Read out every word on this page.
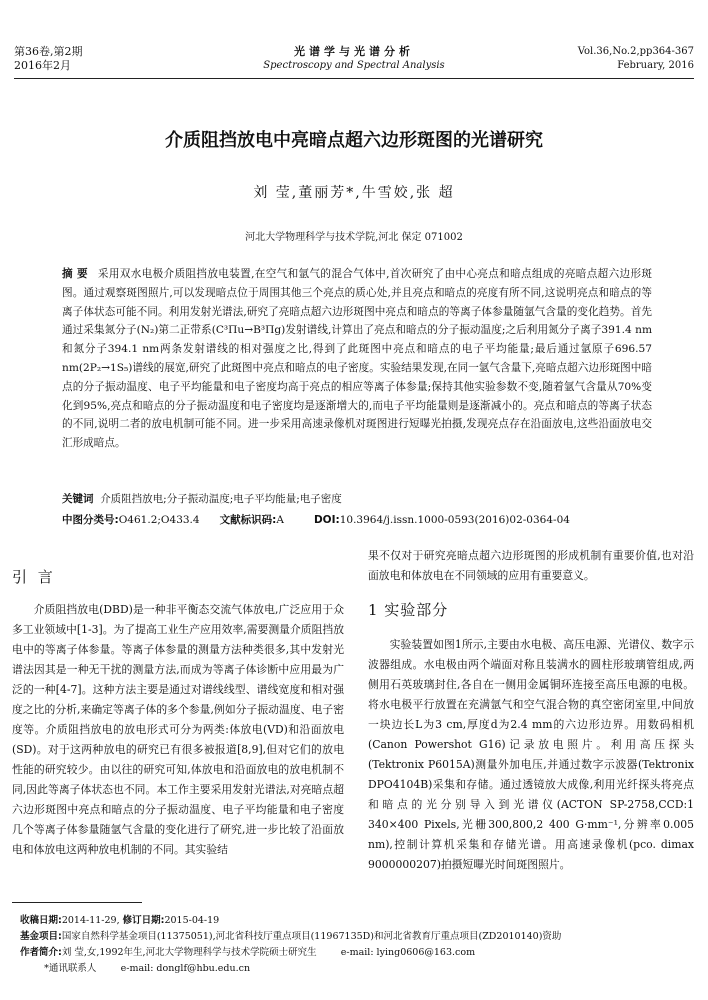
第36卷,第2期
2016年2月
光谱学与光谱分析
Spectroscopy and Spectral Analysis
Vol.36,No.2,pp364-367
February, 2016
介质阻挡放电中亮暗点超六边形斑图的光谱研究
刘 莹,董丽芳*,牛雪姣,张 超
河北大学物理科学与技术学院,河北 保定 071002
摘 要 采用双水电极介质阻挡放电装置,在空气和氩气的混合气体中,首次研究了由中心亮点和暗点组成的亮暗点超六边形斑图。通过观察斑图照片,可以发现暗点位于周围其他三个亮点的质心处,并且亮点和暗点的亮度有所不同,这说明亮点和暗点的等离子体状态可能不同。利用发射光谱法,研究了亮暗点超六边形斑图中亮点和暗点的等离子体参量随氩气含量的变化趋势。首先通过采集氮分子(N₂)第二正带系(C³Πu→B³Πg)发射谱线,计算出了亮点和暗点的分子振动温度;之后利用氮分子离子391.4 nm和氮分子394.1 nm两条发射谱线的相对强度之比,得到了此斑图中亮点和暗点的电子平均能量;最后通过氩原子696.57 nm(2P₂→1S₅)谱线的展宽,研究了此斑图中亮点和暗点的电子密度。实验结果发现,在同一氩气含量下,亮暗点超六边形斑图中暗点的分子振动温度、电子平均能量和电子密度均高于亮点的相应等离子体参量;保持其他实验参数不变,随着氩气含量从70%变化到95%,亮点和暗点的分子振动温度和电子密度均是逐渐增大的,而电子平均能量则是逐渐减小的。亮点和暗点的等离子状态的不同,说明二者的放电机制可能不同。进一步采用高速录像机对斑图进行短曝光拍摄,发现亮点存在沿面放电,这些沿面放电交汇形成暗点。
关键词 介质阻挡放电;分子振动温度;电子平均能量;电子密度
中图分类号:O461.2;O433.4 文献标识码:A	DOI:10.3964/j.issn.1000-0593(2016)02-0364-04
引 言

介质阻挡放电(DBD)是一种非平衡态交流气体放电,广泛应用于众多工业领域中[1-3]。为了提高工业生产应用效率,需要测量介质阻挡放电中的等离子体参量。等离子体参量的测量方法种类很多,其中发射光谱法因其是一种无干扰的测量方法,而成为等离子体诊断中应用最为广泛的一种[4-7]。这种方法主要是通过对谱线线型、谱线宽度和相对强度之比的分析,来确定等离子体的多个参量,例如分子振动温度、电子密度等。介质阻挡放电的放电形式可分为两类:体放电(VD)和沿面放电(SD)。对于这两种放电的研究已有很多被报道[8,9],但对它们的放电性能的研究较少。由以往的研究可知,体放电和沿面放电的放电机制不同,因此等离子体状态也不同。本工作主要采用发射光谱法,对亮暗点超六边形斑图中亮点和暗点的分子振动温度、电子平均能量和电子密度几个等离子体参量随氩气含量的变化进行了研究,进一步比较了沿面放电和体放电这两种放电机制的不同。其实验结

果不仅对于研究亮暗点超六边形斑图的形成机制有重要价值,也对沿面放电和体放电在不同领域的应用有重要意义。
1 实验部分

实验装置如图1所示,主要由水电极、高压电源、光谱仪、数字示波器组成。水电极由两个端面对称且装满水的圆柱形玻璃管组成,两侧用石英玻璃封住,各自在一侧用金属铜环连接至高压电源的电极。将水电极平行放置在充满氩气和空气混合物的真空密闭室里,中间放一块边长L为3 cm,厚度d为2.4 mm的六边形边界。用数码相机(Canon Powershot G16)记录放电照片。利用高压探头(Tektronix P6015A)测量外加电压,并通过数字示波器(Tektronix DPO4104B)采集和存储。通过透镜放大成像,利用光纤探头将亮点和暗点的光分别导入到光谱仪(ACTON SP-2758,CCD:1 340×400 Pixels,光栅300,800,2 400 G·mm⁻¹,分辨率0.005 nm),控制计算机采集和存储光谱。用高速录像机(pco. dimax 9000000207)拍摄短曝光时间斑图照片。

收稿日期:2014-11-29, 修订日期:2015-04-19
基金项目:国家自然科学基金项目(11375051),河北省科技厅重点项目(11967135D)和河北省教育厅重点项目(ZD2010140)资助
作者简介:刘 莹,女,1992年生,河北大学物理科学与技术学院硕士研究生	e-mail: lying0606@163.com
*通讯联系人	e-mail: donglf@hbu.edu.cn
